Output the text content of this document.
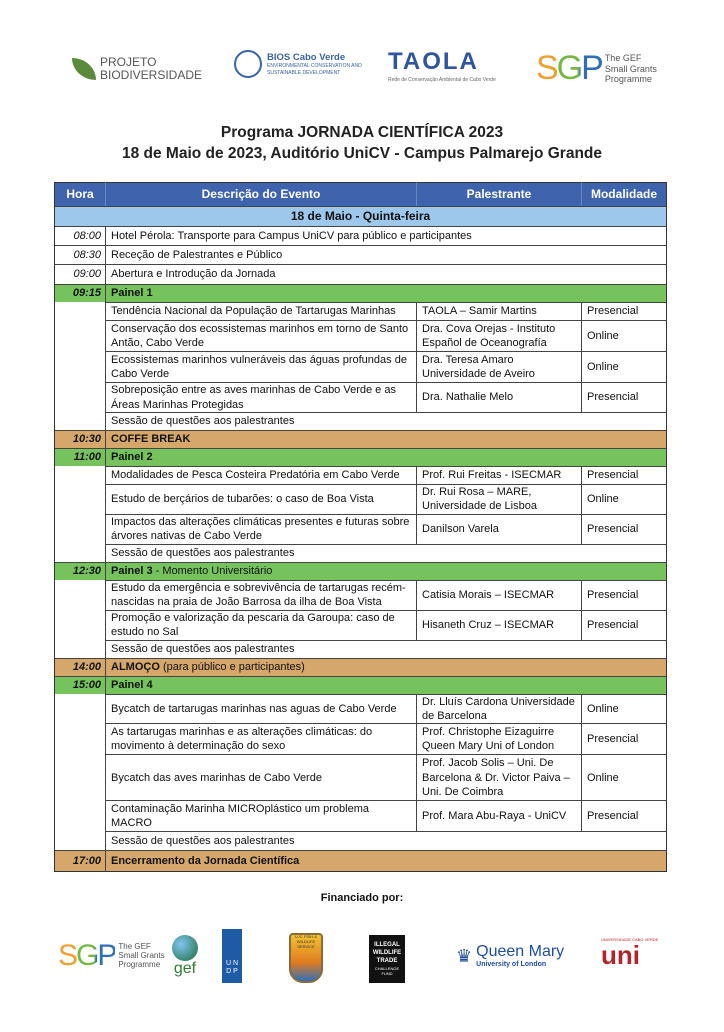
PROJETO BIODIVERSIDADE
BIOS Cabo Verde
ENVIRONMENTAL CONSERVATION AND SUSTAINABLE DEVELOPMENT	TAOLA
Rede de Conservação Ambiental de Cabo Verde SGP The GEF Small Grants Programme
Programa JORNADA CIENTÍFICA 2023
18 de Maio de 2023, Auditório UniCV - Campus Palmarejo Grande
Hora	Descrição do Evento	Palestrante	Modalidade
18 de Maio - Quinta-feira			
08:00	Hotel Pérola: Transporte para Campus UniCV para público e participantes		
08:30	Receção de Palestrantes e Público		
09:00	Abertura e Introdução da Jornada		
09:15	Painel 1		
	Tendência Nacional da População de Tartarugas Marinhas	TAOLA – Samir Martins	Presencial
	Conservação dos ecossistemas marinhos em torno de Santo Antão, Cabo Verde	Dra. Cova Orejas - Instituto Español de Oceanografía	Online
	Ecossistemas marinhos vulneráveis das águas profundas de Cabo Verde	Dra. Teresa Amaro Universidade de Aveiro	Online
	Sobreposição entre as aves marinhas de Cabo Verde e as Áreas Marinhas Protegidas	Dra. Nathalie Melo	Presencial
	Sessão de questões aos palestrantes		
10:30	COFFE BREAK		
11:00	Painel 2		
	Modalidades de Pesca Costeira Predatória em Cabo Verde	Prof. Rui Freitas - ISECMAR	Presencial
	Estudo de berçários de tubarões: o caso de Boa Vista	Dr. Rui Rosa – MARE, Universidade de Lisboa	Online
	Impactos das alterações climáticas presentes e futuras sobre árvores nativas de Cabo Verde	Danilson Varela	Presencial
	Sessão de questões aos palestrantes		
12:30	Painel 3 - Momento Universitário		
	Estudo da emergência e sobrevivência de tartarugas recém-nascidas na praia de João Barrosa da ilha de Boa Vista	Catisia Morais – ISECMAR	Presencial
	Promoção e valorização da pescaria da Garoupa: caso de estudo no Sal	Hisaneth Cruz – ISECMAR	Presencial
	Sessão de questões aos palestrantes		
14:00	ALMOÇO (para público e participantes)		
15:00	Painel 4		
	Bycatch de tartarugas marinhas nas aguas de Cabo Verde	Dr. Lluís Cardona Universidade de Barcelona	Online
	As tartarugas marinhas e as alterações climáticas: do movimento à determinação do sexo	Prof. Christophe Eizaguirre Queen Mary Uni of London	Presencial
	Bycatch das aves marinhas de Cabo Verde	Prof. Jacob Solis – Uni. De Barcelona & Dr. Victor Paiva – Uni. De Coimbra	Online
	Contaminação Marinha MICROplástico um problema MACRO	Prof. Mara Abu-Raya - UniCV	Presencial
	Sessão de questões aos palestrantes		
17:00	Encerramento da Jornada Científica		
Financiado por:
SGP The GEF Small Grants Programme gef	U N D P
U.S. FISH & WILDLIFE SERVICE	ILLEGAL WILDLIFE TRADE
CHALLENGE FUND
♛ Queen Mary
University of London
UNIVERSIDADE CABO VERDE
uni
